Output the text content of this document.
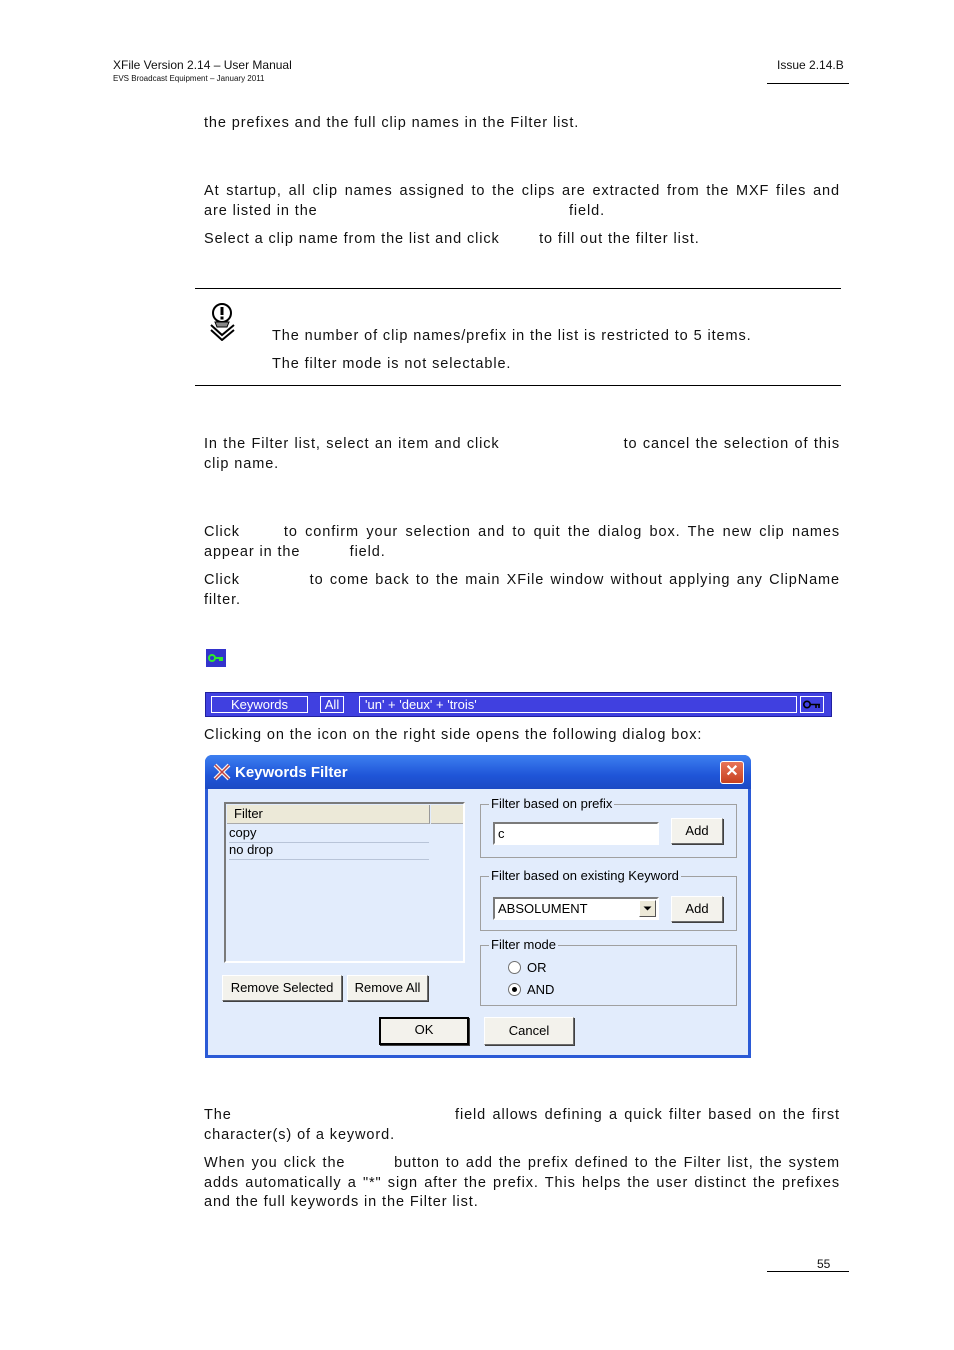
XFile Version 2.14 – User Manual
EVS Broadcast Equipment – January 2011
Issue 2.14.B
the prefixes and the full clip names in the Filter list.
At startup, all clip names assigned to the clips are extracted from the MXF files and are listed in the                                                   field.
Select a clip name from the list and click        to fill out the filter list.
The number of clip names/prefix in the list is restricted to 5 items.
The filter mode is not selectable.
In the Filter list, select an item and click                       to cancel the selection of this clip name.
Click      to confirm your selection and to quit the dialog box. The new clip names appear in the          field.
Click           to come back to the main XFile window without applying any ClipName filter.
Keywords	All	'un' + 'deux' + 'trois'
Clicking on the icon on the right side opens the following dialog box:
Keywords Filter	✕
Filter
copy
no drop
Remove Selected	Remove All
Filter based on prefix
c	Add
Filter based on existing Keyword
ABSOLUMENT	Add
Filter mode
OR
AND
OK	Cancel
The                                   field allows defining a quick filter based on the first character(s) of a keyword.
When you click the        button to add the prefix defined to the Filter list, the system adds automatically a "*" sign after the prefix. This helps the user distinct the prefixes and the full keywords in the Filter list.
55
